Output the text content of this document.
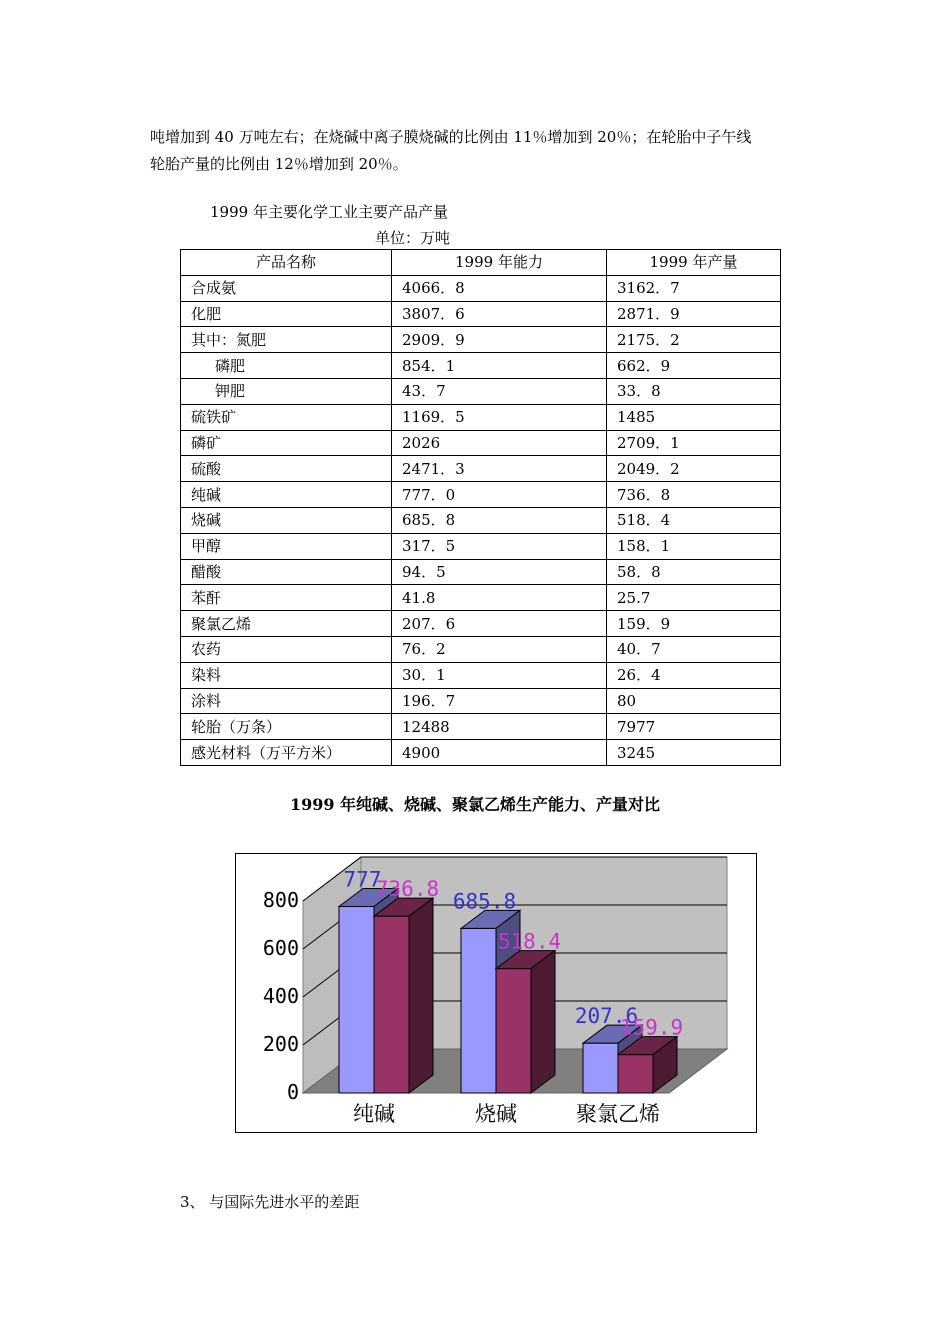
吨增加到 40 万吨左右；在烧碱中离子膜烧碱的比例由 11％增加到 20％；在轮胎中子午线

轮胎产量的比例由 12％增加到 20％。

1999 年主要化学工业主要产品产量
单位：万吨
产品名称	1999 年能力	1999 年产量
合成氨	4066．8	3162．7
化肥	3807．6	2871．9
其中：氮肥	2909．9	2175．2
磷肥	854．1	662．9
钾肥	43．7	33．8
硫铁矿	1169．5	1485
磷矿	2026	2709．1
硫酸	2471．3	2049．2
纯碱	777．0	736．8
烧碱	685．8	518．4
甲醇	317．5	158．1
醋酸	94．5	58．8
苯酐	41.8	25.7
聚氯乙烯	207．6	159．9
农药	76．2	40．7
染料	30．1	26．4
涂料	196．7	80
轮胎（万条）	12488	7977
感光材料（万平方米）	4900	3245
1999 年纯碱、烧碱、聚氯乙烯生产能力、产量对比
0
200
400
600
800
777
736.8
纯碱
685.8
518.4
烧碱
207.6
159.9
聚氯乙烯
3、 与国际先进水平的差距
